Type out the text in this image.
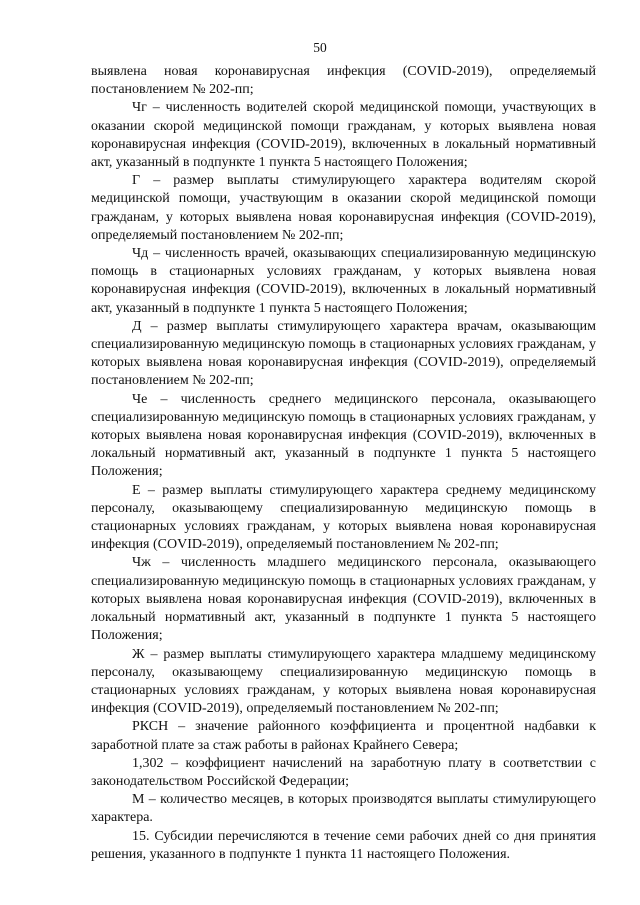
50

выявлена новая коронавирусная инфекция (COVID-2019), определяемый постановлением № 202-пп;

Чг – численность водителей скорой медицинской помощи, участвующих в оказании скорой медицинской помощи гражданам, у которых выявлена новая коронавирусная инфекция (COVID-2019), включенных в локальный нормативный акт, указанный в подпункте 1 пункта 5 настоящего Положения;

Г – размер выплаты стимулирующего характера водителям скорой медицинской помощи, участвующим в оказании скорой медицинской помощи гражданам, у которых выявлена новая коронавирусная инфекция (COVID-2019), определяемый постановлением № 202-пп;

Чд – численность врачей, оказывающих специализированную медицинскую помощь в стационарных условиях гражданам, у которых выявлена новая коронавирусная инфекция (COVID-2019), включенных в локальный нормативный акт, указанный в подпункте 1 пункта 5 настоящего Положения;

Д – размер выплаты стимулирующего характера врачам, оказывающим специализированную медицинскую помощь в стационарных условиях гражданам, у которых выявлена новая коронавирусная инфекция (COVID-2019), определяемый постановлением № 202-пп;

Че – численность среднего медицинского персонала, оказывающего специализированную медицинскую помощь в стационарных условиях гражданам, у которых выявлена новая коронавирусная инфекция (COVID-2019), включенных в локальный нормативный акт, указанный в подпункте 1 пункта 5 настоящего Положения;

Е – размер выплаты стимулирующего характера среднему медицинскому персоналу, оказывающему специализированную медицинскую помощь в стационарных условиях гражданам, у которых выявлена новая коронавирусная инфекция (COVID-2019), определяемый постановлением № 202-пп;

Чж – численность младшего медицинского персонала, оказывающего специализированную медицинскую помощь в стационарных условиях гражданам, у которых выявлена новая коронавирусная инфекция (COVID-2019), включенных в локальный нормативный акт, указанный в подпункте 1 пункта 5 настоящего Положения;

Ж – размер выплаты стимулирующего характера младшему медицинскому персоналу, оказывающему специализированную медицинскую помощь в стационарных условиях гражданам, у которых выявлена новая коронавирусная инфекция (COVID-2019), определяемый постановлением № 202-пп;

РКСН – значение районного коэффициента и процентной надбавки к заработной плате за стаж работы в районах Крайнего Севера;

1,302 – коэффициент начислений на заработную плату в соответствии с законодательством Российской Федерации;

М – количество месяцев, в которых производятся выплаты стимулирующего характера.

15. Субсидии перечисляются в течение семи рабочих дней со дня принятия решения, указанного в подпункте 1 пункта 11 настоящего Положения.
